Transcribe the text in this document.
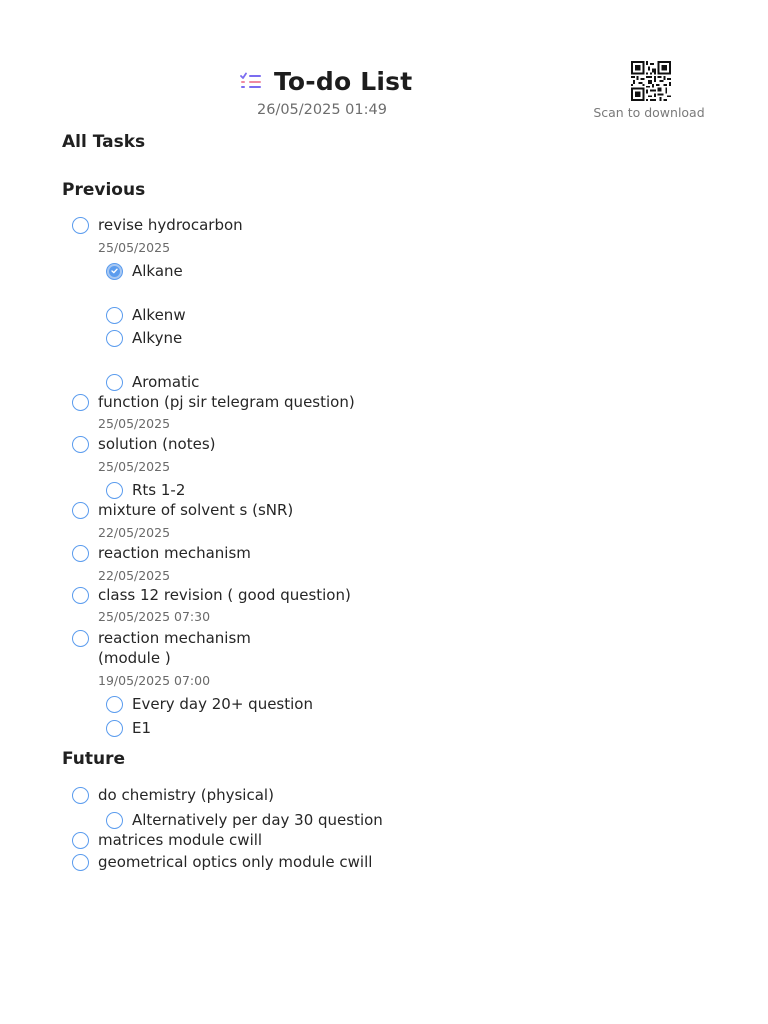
To-do List
26/05/2025 01:49	Scan to download
All Tasks
Previous
revise hydrocarbon
25/05/2025
Alkane
Alkenw
Alkyne
Aromatic
function (pj sir telegram question)
25/05/2025
solution (notes)
25/05/2025
Rts 1-2
mixture of solvent s (sNR)
22/05/2025
reaction mechanism
22/05/2025
class 12 revision ( good question)
25/05/2025 07:30
reaction mechanism
(module )
19/05/2025 07:00
Every day 20+ question
E1
Future
do chemistry (physical)
Alternatively per day 30 question
matrices module cwill
geometrical optics only module cwill
